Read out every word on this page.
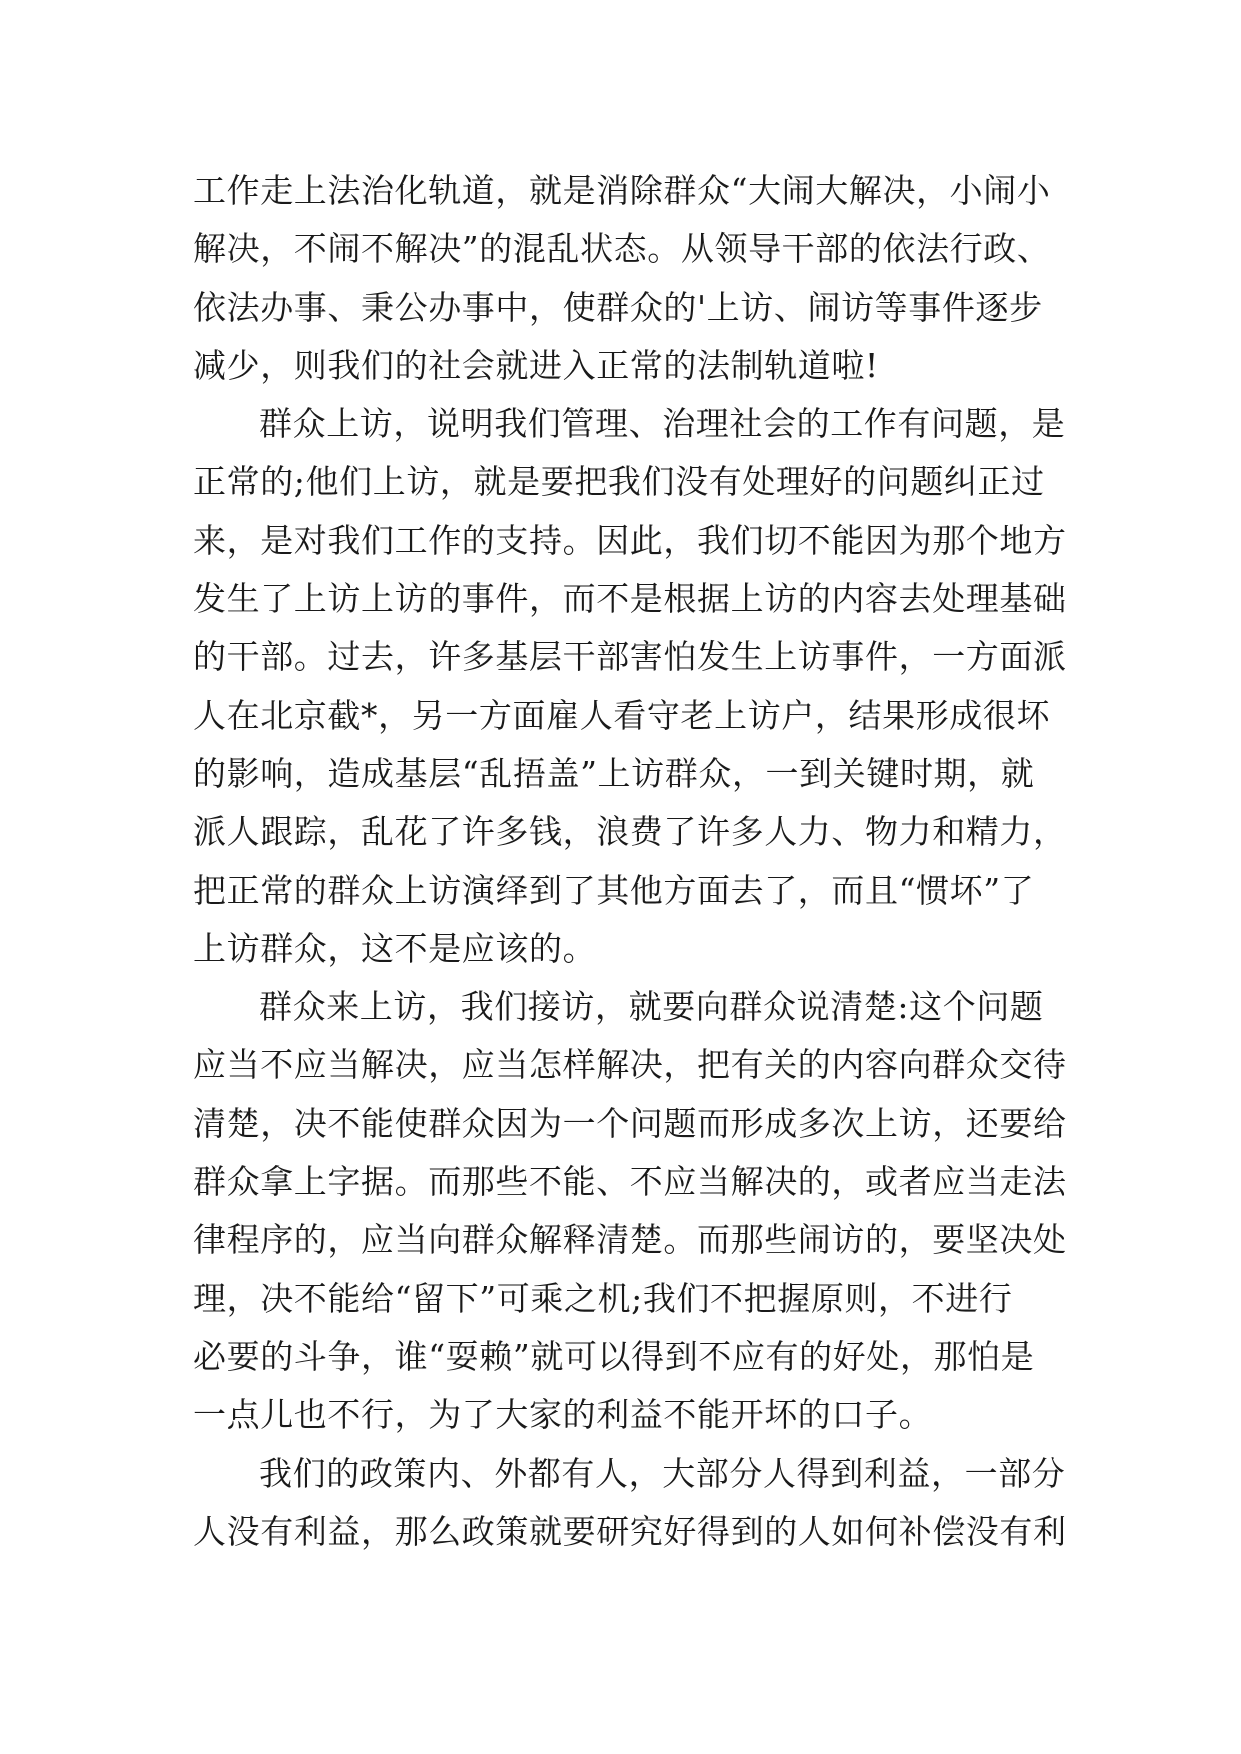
工作走上法治化轨道，就是消除群众“大闹大解决，小闹小
解决，不闹不解决”的混乱状态。从领导干部的依法行政、
依法办事、秉公办事中，使群众的'上访、闹访等事件逐步
减少，则我们的社会就进入正常的法制轨道啦!
群众上访，说明我们管理、治理社会的工作有问题，是
正常的;他们上访，就是要把我们没有处理好的问题纠正过
来，是对我们工作的支持。因此，我们切不能因为那个地方
发生了上访上访的事件，而不是根据上访的内容去处理基础
的干部。过去，许多基层干部害怕发生上访事件，一方面派
人在北京截*，另一方面雇人看守老上访户，结果形成很坏
的影响，造成基层“乱捂盖”上访群众，一到关键时期，就
派人跟踪，乱花了许多钱，浪费了许多人力、物力和精力，
把正常的群众上访演绎到了其他方面去了，而且“惯坏”了
上访群众，这不是应该的。
群众来上访，我们接访，就要向群众说清楚:这个问题
应当不应当解决，应当怎样解决，把有关的内容向群众交待
清楚，决不能使群众因为一个问题而形成多次上访，还要给
群众拿上字据。而那些不能、不应当解决的，或者应当走法
律程序的，应当向群众解释清楚。而那些闹访的，要坚决处
理，决不能给“留下”可乘之机;我们不把握原则，不进行
必要的斗争，谁“耍赖”就可以得到不应有的好处，那怕是
一点儿也不行，为了大家的利益不能开坏的口子。
我们的政策内、外都有人，大部分人得到利益，一部分
人没有利益，那么政策就要研究好得到的人如何补偿没有利
